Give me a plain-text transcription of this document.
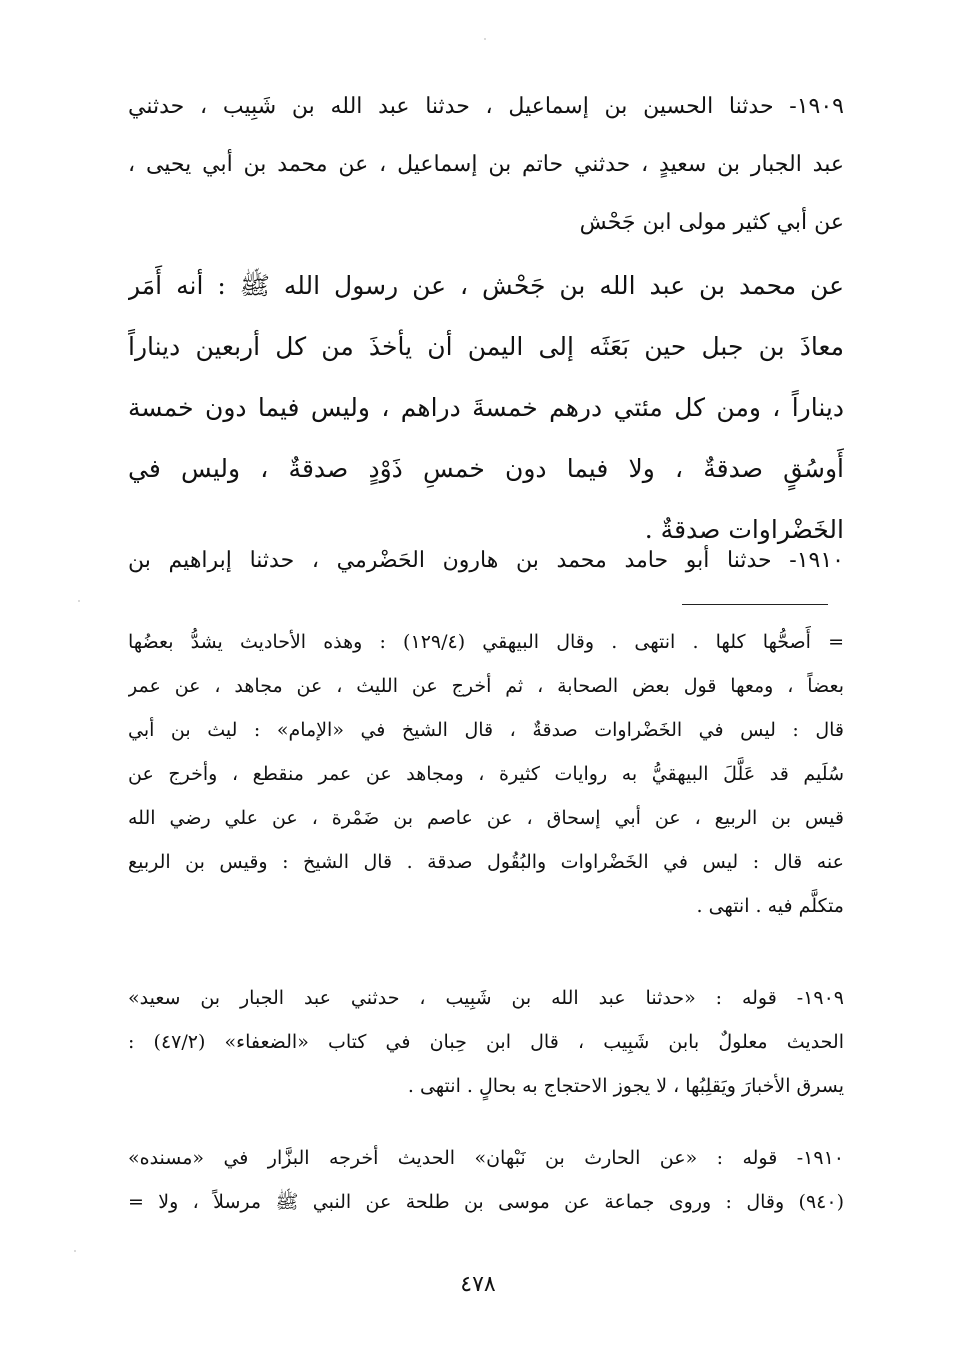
١٩٠٩- حدثنا الحسين بن إسماعيل ، حدثنا عبد الله بن شَبِيب ، حدثني
عبد الجبار بن سعيدٍ ، حدثني حاتم بن إسماعيل ، عن محمد بن أبي يحيى ،
عن أبي كثير مولى ابن جَحْش
عن محمد بن عبد الله بن جَحْش ، عن رسول الله ﷺ : أنه أَمَر
معاذَ بن جبل حين بَعَثَه إلى اليمن أن يأخذَ من كل أربعين ديناراً
ديناراً ، ومن كل مئتي درهم خمسةَ دراهم ، وليس فيما دون خمسة
أَوسُقٍ صدقةٌ ، ولا فيما دون خمسِ ذَوْدٍ صدقةٌ ، وليس في
الخَضْراوات صدقةٌ .
١٩١٠- حدثنا أبو حامد محمد بن هارون الحَضْرمي ، حدثنا إبراهيم بن
= أَصحُّها كلها . انتهى . وقال البيهقي (١٢٩/٤) : وهذه الأحاديث يشدُّ بعضُها
بعضاً ، ومعها قول بعض الصحابة ، ثم أخرج عن الليث ، عن مجاهد ، عن عمر
قال : ليس في الخَضْراوات صدقةٌ ، قال الشيخ في «الإمام» : ليث بن أبي
سُلَيم قد عَلَّلَ البيهقيُّ به روايات كثيرة ، ومجاهد عن عمر منقطع ، وأخرج عن
قيس بن الربيع ، عن أبي إسحاق ، عن عاصم بن ضَمْرة ، عن علي رضي الله
عنه قال : ليس في الخَضْراوات والبُقُول صدقة . قال الشيخ : وقيس بن الربيع
متكلَّم فيه . انتهى .
١٩٠٩- قوله : «حدثنا عبد الله بن شَبِيب ، حدثني عبد الجبار بن سعيد»
الحديث معلولٌ بابن شَبِيب ، قال ابن حِبان في كتاب «الضعفاء» (٤٧/٢) :
يسرق الأخبارَ ويَقلِبُها ، لا يجوز الاحتجاج به بحالٍ . انتهى .
١٩١٠- قوله : «عن الحارث بن نَبْهان» الحديث أخرجه البزَّار في «مسنده»
(٩٤٠) وقال : وروى جماعة عن موسى بن طلحة عن النبي ﷺ مرسلاً ، ولا =
٤٧٨
